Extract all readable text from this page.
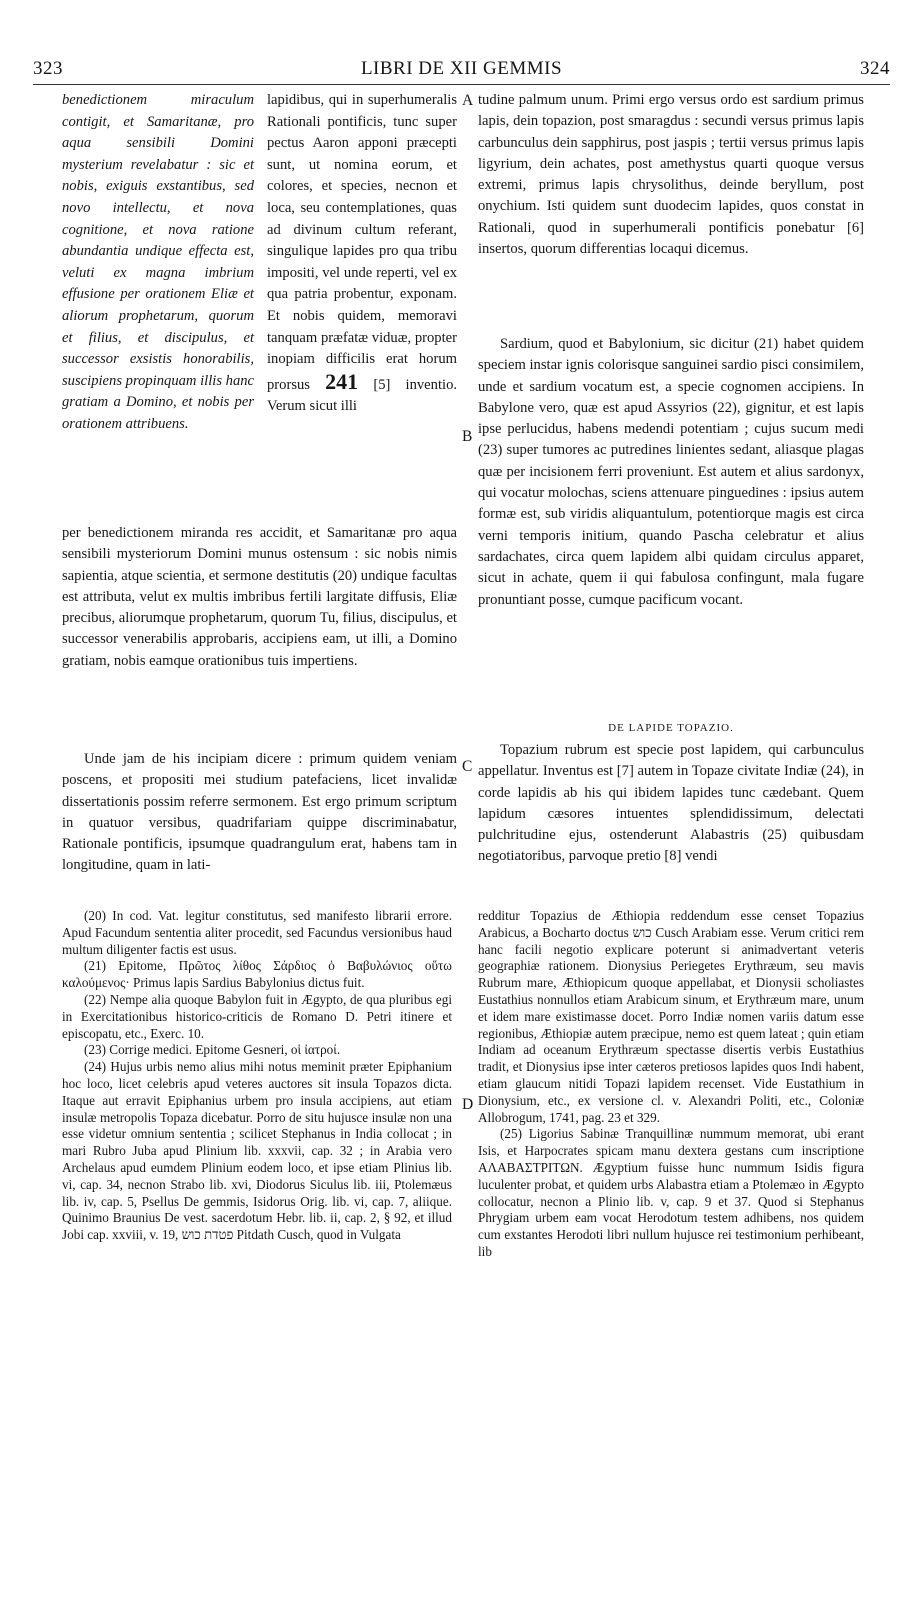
323	LIBRI DE XII GEMMIS	324

benedictionem miraculum contigit, et Samaritanæ, pro aqua sensibili Domini mysterium revelabatur : sic et nobis, exiguis exstantibus, sed novo intellectu, et nova cognitione, et nova ratione abundantia undique effecta est, veluti ex magna imbrium effusione per orationem Eliæ et aliorum prophetarum, quorum et filius, et discipulus, et successor exsistis honorabilis, suscipiens propinquam illis hanc gratiam a Domino, et nobis per orationem attribuens.

lapidibus, qui in superhumeralis Rationali pontificis, tunc super pectus Aaron apponi præcepti sunt, ut nomina eorum, et colores, et species, necnon et loca, seu contemplationes, quas ad divinum cultum referant, singulique lapides pro qua tribu impositi, vel unde reperti, vel ex qua patria probentur, exponam. Et nobis quidem, memoravi tanquam præfatæ viduæ, propter inopiam difficilis erat horum prorsus 241 [5] inventio. Verum sicut illi

per benedictionem miranda res accidit, et Samaritanæ pro aqua sensibili mysteriorum Domini munus ostensum : sic nobis nimis sapientia, atque scientia, et sermone destitutis (20) undique facultas est attributa, velut ex multis imbribus fertili largitate diffusis, Eliæ precibus, aliorumque prophetarum, quorum Tu, filius, discipulus, et successor venerabilis approbaris, accipiens eam, ut illi, a Domino gratiam, nobis eamque orationibus tuis impertiens.

Unde jam de his incipiam dicere : primum quidem veniam poscens, et propositi mei studium patefaciens, licet invalidæ dissertationis possim referre sermonem. Est ergo primum scriptum in quatuor versibus, quadrifariam quippe discriminabatur, Rationale pontificis, ipsumque quadrangulum erat, habens tam in longitudine, quam in lati-

A
B
C
D

tudine palmum unum. Primi ergo versus ordo est sardium primus lapis, dein topazion, post smaragdus : secundi versus primus lapis carbunculus dein sapphirus, post jaspis ; tertii versus primus lapis ligyrium, dein achates, post amethystus quarti quoque versus extremi, primus lapis chrysolithus, deinde beryllum, post onychium. Isti quidem sunt duodecim lapides, quos constat in Rationali, quod in superhumerali pontificis ponebatur [6] insertos, quorum differentias locaqui dicemus.

Sardium, quod et Babylonium, sic dicitur (21) habet quidem speciem instar ignis colorisque sanguinei sardio pisci consimilem, unde et sardium vocatum est, a specie cognomen accipiens. In Babylone vero, quæ est apud Assyrios (22), gignitur, et est lapis ipse perlucidus, habens medendi potentiam ; cujus sucum medi (23) super tumores ac putredines linientes sedant, aliasque plagas quæ per incisionem ferri proveniunt. Est autem et alius sardonyx, qui vocatur molochas, sciens attenuare pinguedines : ipsius autem formæ est, sub viridis aliquantulum, potentiorque magis est circa verni temporis initium, quando Pascha celebratur et alius sardachates, circa quem lapidem albi quidam circulus apparet, sicut in achate, quem ii qui fabulosa confingunt, mala fugare pronuntiant posse, cumque pacificum vocant.

DE LAPIDE TOPAZIO.

Topazium rubrum est specie post lapidem, qui carbunculus appellatur. Inventus est [7] autem in Topaze civitate Indiæ (24), in corde lapidis ab his qui ibidem lapides tunc cædebant. Quem lapidum cæsores intuentes splendidissimum, delectati pulchritudine ejus, ostenderunt Alabastris (25) quibusdam negotiatoribus, parvoque pretio [8] vendi

(20) In cod. Vat. legitur constitutus, sed manifesto librarii errore. Apud Facundum sententia aliter procedit, sed Facundus versionibus haud multum diligenter factis est usus.

(21) Epitome, Πρῶτος λίθος Σάρδιος ὁ Βαβυλώνιος οὕτω καλούμενος· Primus lapis Sardius Babylonius dictus fuit.

(22) Nempe alia quoque Babylon fuit in Ægypto, de qua pluribus egi in Exercitationibus historico-criticis de Romano D. Petri itinere et episcopatu, etc., Exerc. 10.

(23) Corrige medici. Epitome Gesneri, οἱ ἰατροί.

(24) Hujus urbis nemo alius mihi notus meminit præter Epiphanium hoc loco, licet celebris apud veteres auctores sit insula Topazos dicta. Itaque aut erravit Epiphanius urbem pro insula accipiens, aut etiam insulæ metropolis Topaza dicebatur. Porro de situ hujusce insulæ non una esse videtur omnium sententia ; scilicet Stephanus in India collocat ; in mari Rubro Juba apud Plinium lib. xxxvii, cap. 32 ; in Arabia vero Archelaus apud eumdem Plinium eodem loco, et ipse etiam Plinius lib. vi, cap. 34, necnon Strabo lib. xvi, Diodorus Siculus lib. iii, Ptolemæus lib. iv, cap. 5, Psellus De gemmis, Isidorus Orig. lib. vi, cap. 7, aliique. Quinimo Braunius De vest. sacerdotum Hebr. lib. ii, cap. 2, § 92, et illud Jobi cap. xxviii, v. 19, פטדת כוש Pitdath Cusch, quod in Vulgata

redditur Topazius de Æthiopia reddendum esse censet Topazius Arabicus, a Bocharto doctus כוש Cusch Arabiam esse. Verum critici rem hanc facili negotio explicare poterunt si animadvertant veteris geographiæ rationem. Dionysius Periegetes Erythræum, seu mavis Rubrum mare, Æthiopicum quoque appellabat, et Dionysii scholiastes Eustathius nonnullos etiam Arabicum sinum, et Erythræum mare, unum et idem mare existimasse docet. Porro Indiæ nomen variis datum esse regionibus, Æthiopiæ autem præcipue, nemo est quem lateat ; quin etiam Indiam ad oceanum Erythræum spectasse disertis verbis Eustathius tradit, et Dionysius ipse inter cæteros pretiosos lapides quos Indi habent, etiam glaucum nitidi Topazi lapidem recenset. Vide Eustathium in Dionysium, etc., ex versione cl. v. Alexandri Politi, etc., Coloniæ Allobrogum, 1741, pag. 23 et 329.

(25) Ligorius Sabinæ Tranquillinæ nummum memorat, ubi erant Isis, et Harpocrates spicam manu dextera gestans cum inscriptione ΑΛΑΒΑΣΤΡΙΤΩΝ. Ægyptium fuisse hunc nummum Isidis figura luculenter probat, et quidem urbs Alabastra etiam a Ptolemæo in Ægypto collocatur, necnon a Plinio lib. v, cap. 9 et 37. Quod si Stephanus Phrygiam urbem eam vocat Herodotum testem adhibens, nos quidem cum exstantes Herodoti libri nullum hujusce rei testimonium perhibeant, lib
